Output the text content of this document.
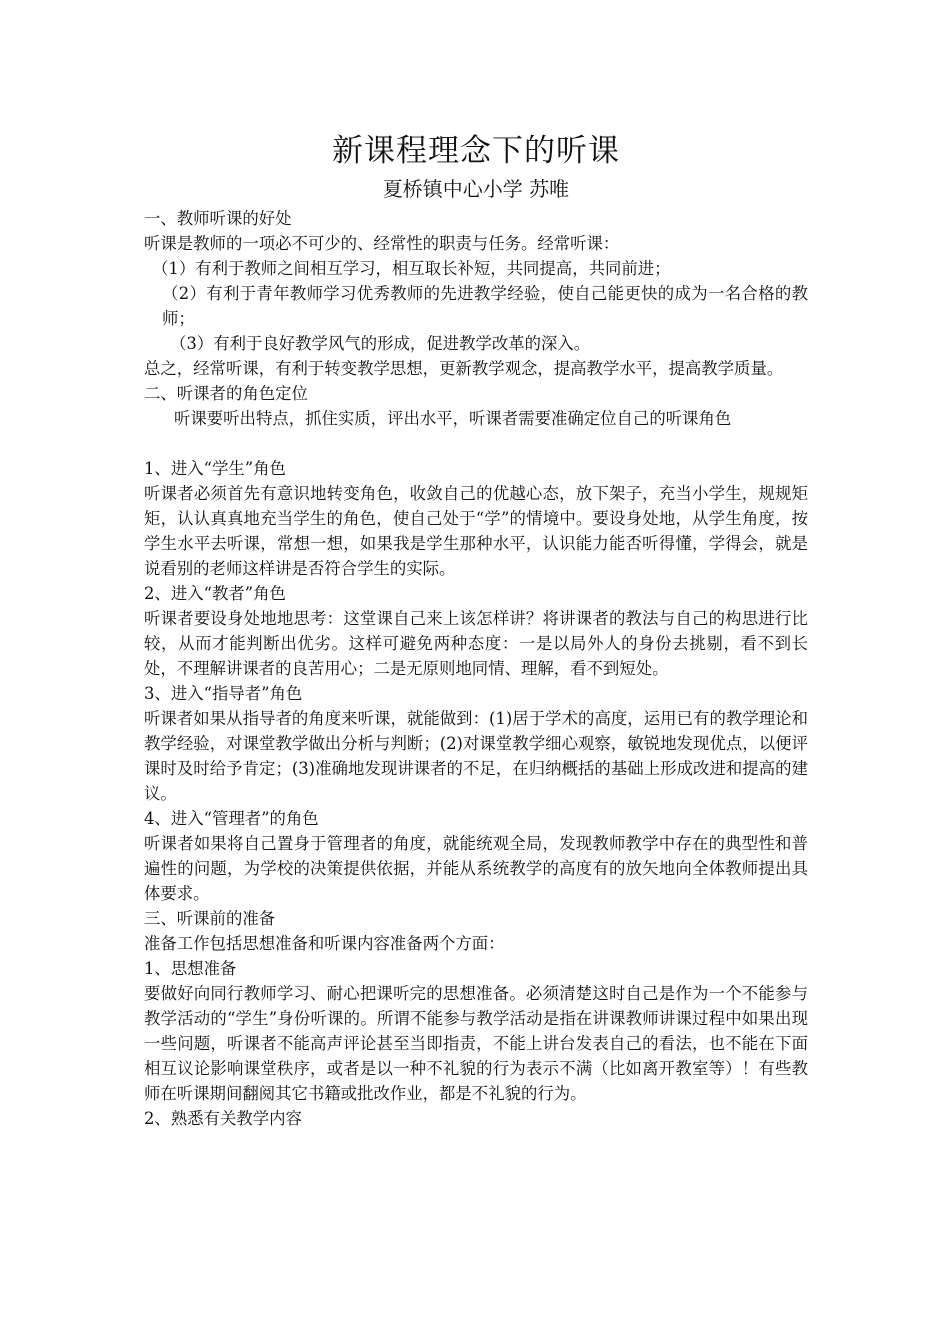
新课程理念下的听课
夏桥镇中心小学 苏唯

一、教师听课的好处

听课是教师的一项必不可少的、经常性的职责与任务。经常听课：

（1）有利于教师之间相互学习，相互取长补短，共同提高，共同前进；

（2）有利于青年教师学习优秀教师的先进教学经验，使自己能更快的成为一名合格的教师；

（3）有利于良好教学风气的形成，促进教学改革的深入。

总之，经常听课，有利于转变教学思想，更新教学观念，提高教学水平，提高教学质量。

二、听课者的角色定位

听课要听出特点，抓住实质，评出水平，听课者需要准确定位自己的听课角色

1、进入“学生”角色

听课者必须首先有意识地转变角色，收敛自己的优越心态，放下架子，充当小学生，规规矩矩，认认真真地充当学生的角色，使自己处于“学”的情境中。要设身处地，从学生角度，按学生水平去听课，常想一想，如果我是学生那种水平，认识能力能否听得懂，学得会，就是说看别的老师这样讲是否符合学生的实际。

2、进入“教者”角色

听课者要设身处地地思考：这堂课自己来上该怎样讲？将讲课者的教法与自己的构思进行比较，从而才能判断出优劣。这样可避免两种态度：一是以局外人的身份去挑剔，看不到长处，不理解讲课者的良苦用心；二是无原则地同情、理解，看不到短处。

3、进入“指导者”角色

听课者如果从指导者的角度来听课，就能做到：(1)居于学术的高度，运用已有的教学理论和教学经验，对课堂教学做出分析与判断；(2)对课堂教学细心观察，敏锐地发现优点，以便评课时及时给予肯定；(3)准确地发现讲课者的不足，在归纳概括的基础上形成改进和提高的建议。

4、进入“管理者”的角色

听课者如果将自己置身于管理者的角度，就能统观全局，发现教师教学中存在的典型性和普遍性的问题，为学校的决策提供依据，并能从系统教学的高度有的放矢地向全体教师提出具体要求。

三、听课前的准备

准备工作包括思想准备和听课内容准备两个方面：

1、思想准备

要做好向同行教师学习、耐心把课听完的思想准备。必须清楚这时自己是作为一个不能参与教学活动的“学生”身份听课的。所谓不能参与教学活动是指在讲课教师讲课过程中如果出现一些问题，听课者不能高声评论甚至当即指责，不能上讲台发表自己的看法，也不能在下面相互议论影响课堂秩序，或者是以一种不礼貌的行为表示不满（比如离开教室等）！有些教师在听课期间翻阅其它书籍或批改作业，都是不礼貌的行为。

2、熟悉有关教学内容
